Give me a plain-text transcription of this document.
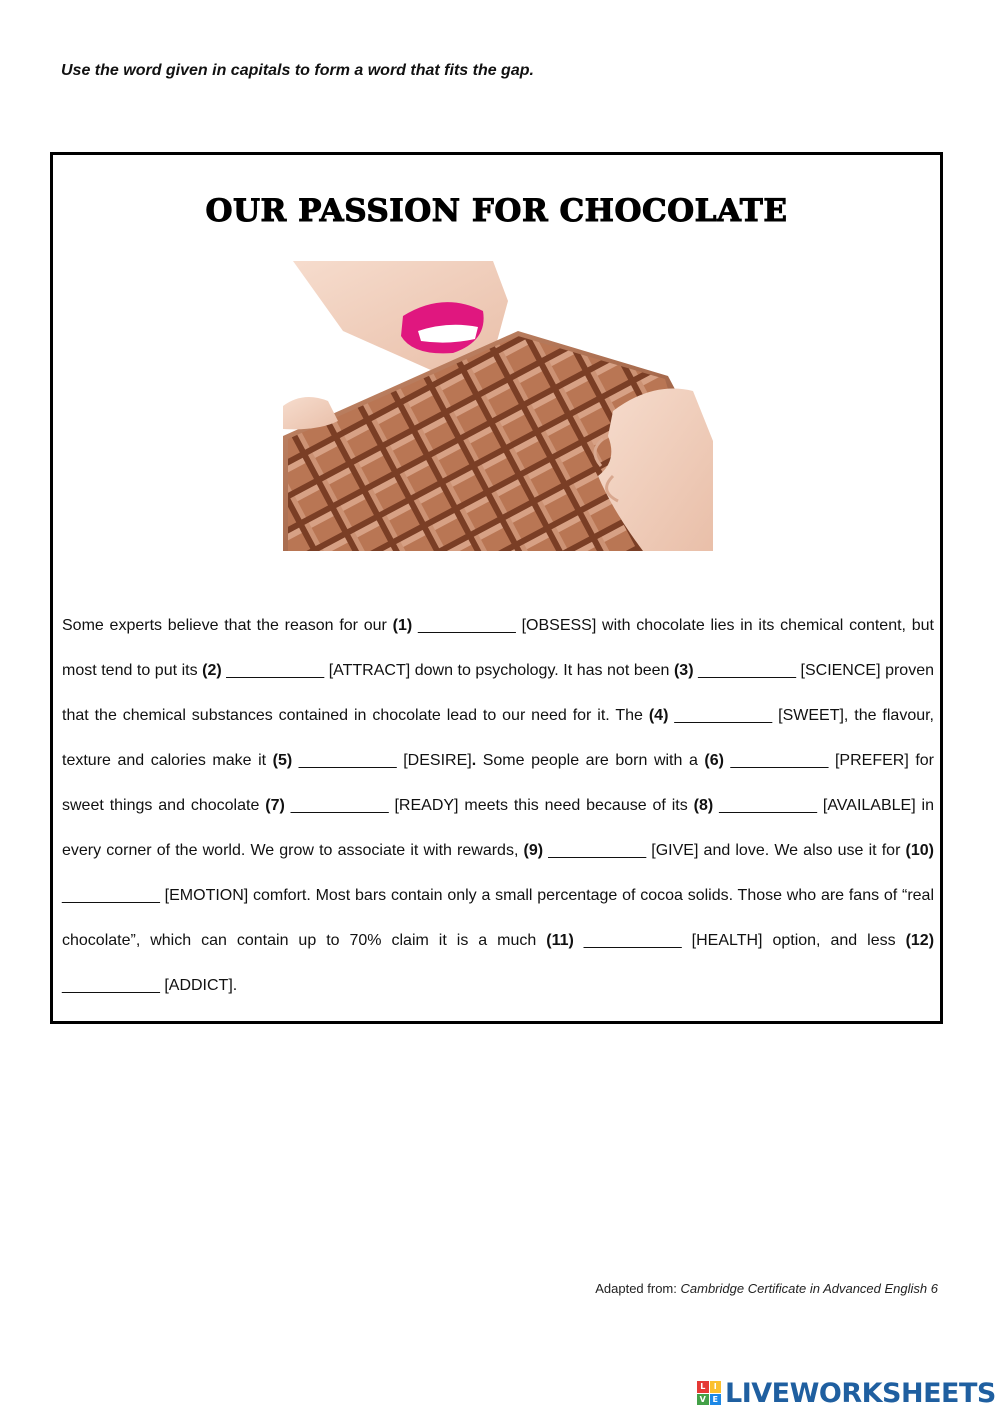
Use the word given in capitals to form a word that fits the gap.

OUR PASSION FOR CHOCOLATE

Some experts believe that the reason for our (1) ___________ [OBSESS] with chocolate lies in its chemical content, but most tend to put its (2) ___________ [ATTRACT] down to psychology. It has not been (3) ___________ [SCIENCE] proven that the chemical substances contained in chocolate lead to our need for it. The (4) ___________ [SWEET], the flavour, texture and calories make it (5) ___________ [DESIRE]. Some people are born with a (6) ___________ [PREFER] for sweet things and chocolate (7) ___________ [READY] meets this need because of its (8) ___________ [AVAILABLE] in every corner of the world. We grow to associate it with rewards, (9) ___________ [GIVE] and love. We also use it for (10) ___________ [EMOTION] comfort. Most bars contain only a small percentage of cocoa solids. Those who are fans of “real chocolate”, which can contain up to 70% claim it is a much (11) ___________ [HEALTH] option, and less (12) ___________ [ADDICT].

Adapted from: Cambridge Certificate in Advanced English 6
L	I
V E LIVEWORKSHEETS
